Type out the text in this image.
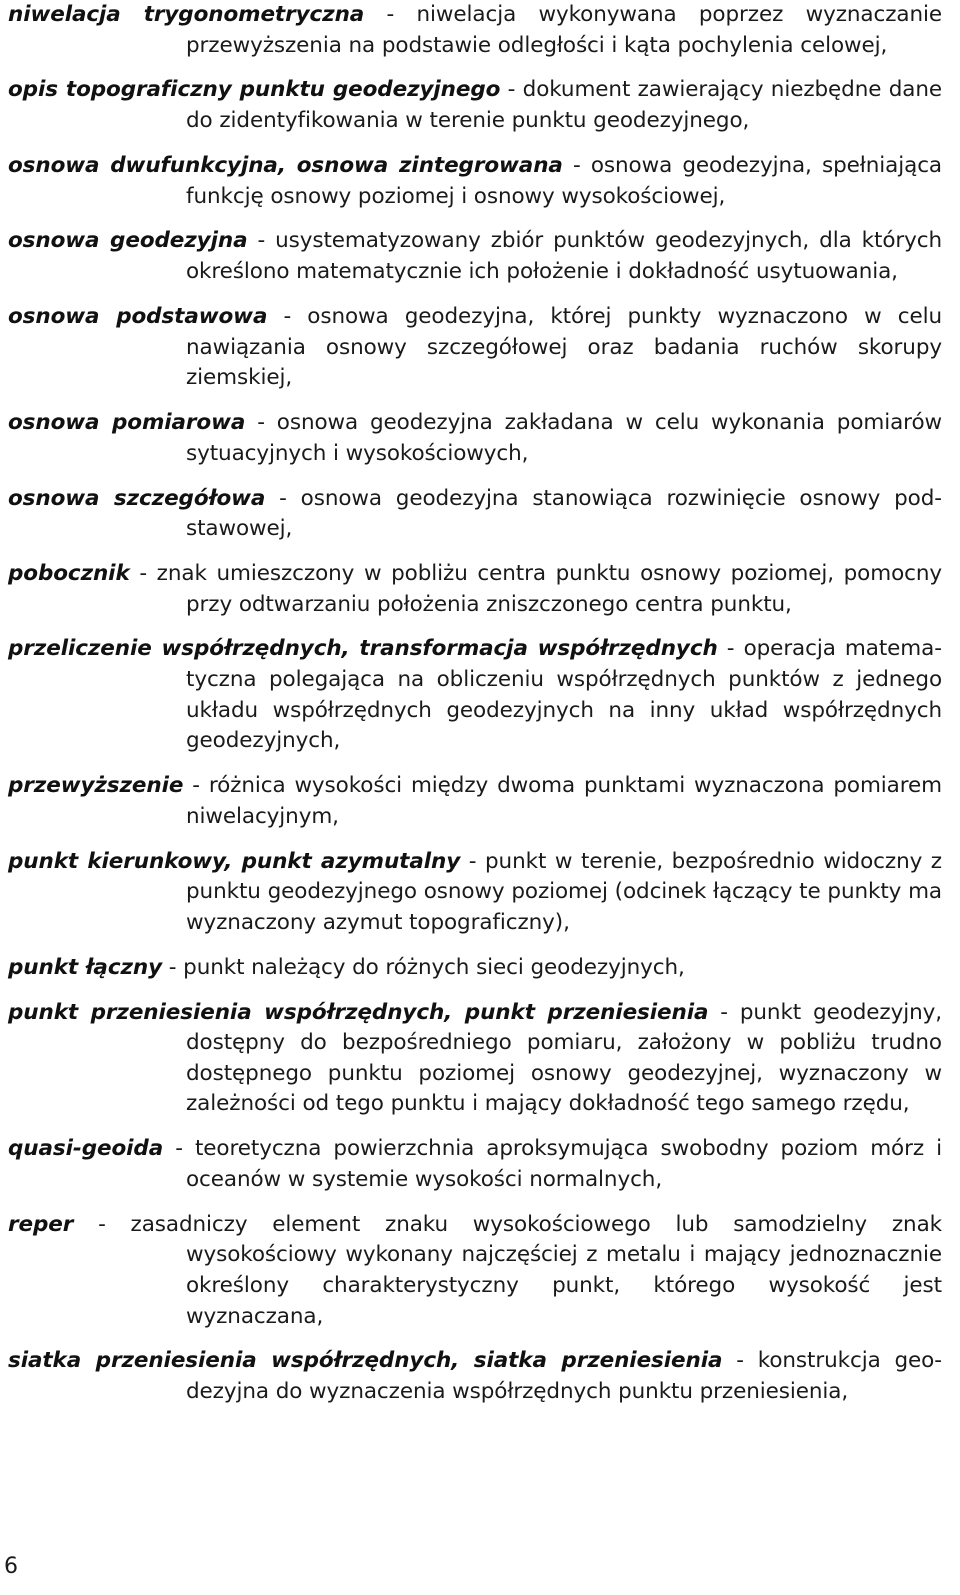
niwelacja trygonometryczna - niwelacja wykonywana poprzez wyznaczanie przewyższenia na podstawie odległości i kąta pochylenia celowej,

opis topograficzny punktu geodezyjnego - dokument zawierający niezbędne dane do zidentyfikowania w terenie punktu geodezyjnego,

osnowa dwufunkcyjna, osnowa zintegrowana - osnowa geodezyjna, spełniająca funkcję osnowy poziomej i osnowy wysokościowej,

osnowa geodezyjna - usystematyzowany zbiór punktów geodezyjnych, dla których określono matematycznie ich położenie i dokładność usytuowania,

osnowa podstawowa - osnowa geodezyjna, której punkty wyznaczono w celu nawiązania osnowy szczegółowej oraz badania ruchów skorupy ziemskiej,

osnowa pomiarowa - osnowa geodezyjna zakładana w celu wykonania pomiarów sytuacyjnych i wysokościowych,

osnowa szczegółowa - osnowa geodezyjna stanowiąca rozwinięcie osnowy podstawowej,

pobocznik - znak umieszczony w pobliżu centra punktu osnowy poziomej, pomocny przy odtwarzaniu położenia zniszczonego centra punktu,

przeliczenie współrzędnych, transformacja współrzędnych - operacja matematyczna polegająca na obliczeniu współrzędnych punktów z jednego układu współrzędnych geodezyjnych na inny układ współrzędnych geodezyjnych,

przewyższenie - różnica wysokości między dwoma punktami wyznaczona pomiarem niwelacyjnym,

punkt kierunkowy, punkt azymutalny - punkt w terenie, bezpośrednio widoczny z punktu geodezyjnego osnowy poziomej (odcinek łączący te punkty ma wyznaczony azymut topograficzny),

punkt łączny - punkt należący do różnych sieci geodezyjnych,

punkt przeniesienia współrzędnych, punkt przeniesienia - punkt geodezyjny, dostępny do bezpośredniego pomiaru, założony w pobliżu trudno dostępnego punktu poziomej osnowy geodezyjnej, wyznaczony w zależności od tego punktu i mający dokładność tego samego rzędu,

quasi-geoida - teoretyczna powierzchnia aproksymująca swobodny poziom mórz i oceanów w systemie wysokości normalnych,

reper - zasadniczy element znaku wysokościowego lub samodzielny znak wysokościowy wykonany najczęściej z metalu i mający jednoznacznie określony charakterystyczny punkt, którego wysokość jest wyznaczana,

siatka przeniesienia współrzędnych, siatka przeniesienia - konstrukcja geodezyjna do wyznaczenia współrzędnych punktu przeniesienia,

6
